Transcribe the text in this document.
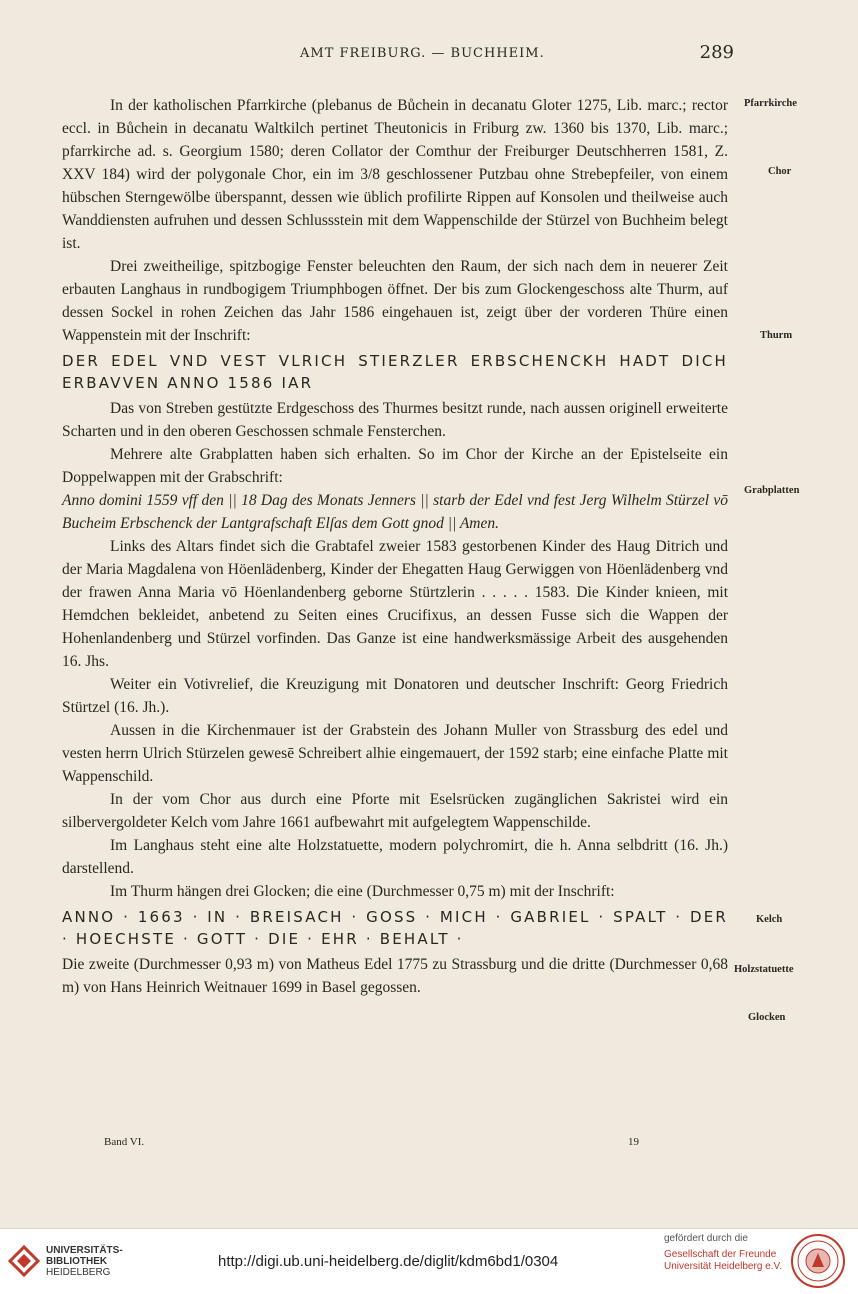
AMT FREIBURG. — BUCHHEIM.	289

In der katholischen Pfarrkirche (plebanus de Bůchein in decanatu Gloter 1275, Lib. marc.; rector eccl. in Bůchein in decanatu Waltkilch pertinet Theutonicis in Friburg zw. 1360 bis 1370, Lib. marc.; pfarrkirche ad. s. Georgium 1580; deren Collator der Comthur der Freiburger Deutschherren 1581, Z. XXV 184) wird der polygonale Chor, ein im 3/8 geschlossener Putzbau ohne Strebepfeiler, von einem hübschen Sterngewölbe überspannt, dessen wie üblich profilirte Rippen auf Konsolen und theilweise auch Wanddiensten aufruhen und dessen Schlussstein mit dem Wappenschilde der Stürzel von Buchheim belegt ist.

Drei zweitheilige, spitzbogige Fenster beleuchten den Raum, der sich nach dem in neuerer Zeit erbauten Langhaus in rundbogigem Triumphbogen öffnet. Der bis zum Glockengeschoss alte Thurm, auf dessen Sockel in rohen Zeichen das Jahr 1586 eingehauen ist, zeigt über der vorderen Thüre einen Wappenstein mit der Inschrift:

DER EDEL VND VEST VLRICH STIERZLER ERBSCHENCKH HADT DICH ERBAVVEN ANNO 1586 IAR

Das von Streben gestützte Erdgeschoss des Thurmes besitzt runde, nach aussen originell erweiterte Scharten und in den oberen Geschossen schmale Fensterchen.

Mehrere alte Grabplatten haben sich erhalten. So im Chor der Kirche an der Epistelseite ein Doppelwappen mit der Grabschrift:

Anno domini 1559 vff den || 18 Dag des Monats Jenners || starb der Edel vnd fest Jerg Wilhelm Stürzel vō Bucheim Erbschenck der Lantgrafschaft Elſas dem Gott gnod || Amen.

Links des Altars findet sich die Grabtafel zweier 1583 gestorbenen Kinder des Haug Ditrich und der Maria Magdalena von Höenlädenberg, Kinder der Ehegatten Haug Gerwiggen von Höenlädenberg vnd der frawen Anna Maria vō Höenlandenberg geborne Stürtzlerin . . . . . 1583. Die Kinder knieen, mit Hemdchen bekleidet, anbetend zu Seiten eines Crucifixus, an dessen Fusse sich die Wappen der Hohenlandenberg und Stürzel vorfinden. Das Ganze ist eine handwerksmässige Arbeit des ausgehenden 16. Jhs.

Weiter ein Votivrelief, die Kreuzigung mit Donatoren und deutscher Inschrift: Georg Friedrich Stürtzel (16. Jh.).

Aussen in die Kirchenmauer ist der Grabstein des Johann Muller von Strassburg des edel und vesten herrn Ulrich Stürzelen gewesē Schreibert alhie eingemauert, der 1592 starb; eine einfache Platte mit Wappenschild.

In der vom Chor aus durch eine Pforte mit Eselsrücken zugänglichen Sakristei wird ein silbervergoldeter Kelch vom Jahre 1661 aufbewahrt mit aufgelegtem Wappenschilde.

Im Langhaus steht eine alte Holzstatuette, modern polychromirt, die h. Anna selbdritt (16. Jh.) darstellend.

Im Thurm hängen drei Glocken; die eine (Durchmesser 0,75 m) mit der Inschrift:

ANNO · 1663 · IN · BREISACH · GOSS · MICH · GABRIEL · SPALT · DER · HOECHSTE · GOTT · DIE · EHR · BEHALT ·

Die zweite (Durchmesser 0,93 m) von Matheus Edel 1775 zu Strassburg und die dritte (Durchmesser 0,68 m) von Hans Heinrich Weitnauer 1699 in Basel gegossen.

Pfarrkirche
Chor
Thurm
Grabplatten
Kelch
Holzstatuette
Glocken
Band VI.	19
UNIVERSITÄTS-
BIBLIOTHEK
HEIDELBERG
http://digi.ub.uni-heidelberg.de/diglit/kdm6bd1/0304
gefördert durch die
Gesellschaft der Freunde
Universität Heidelberg e.V.
